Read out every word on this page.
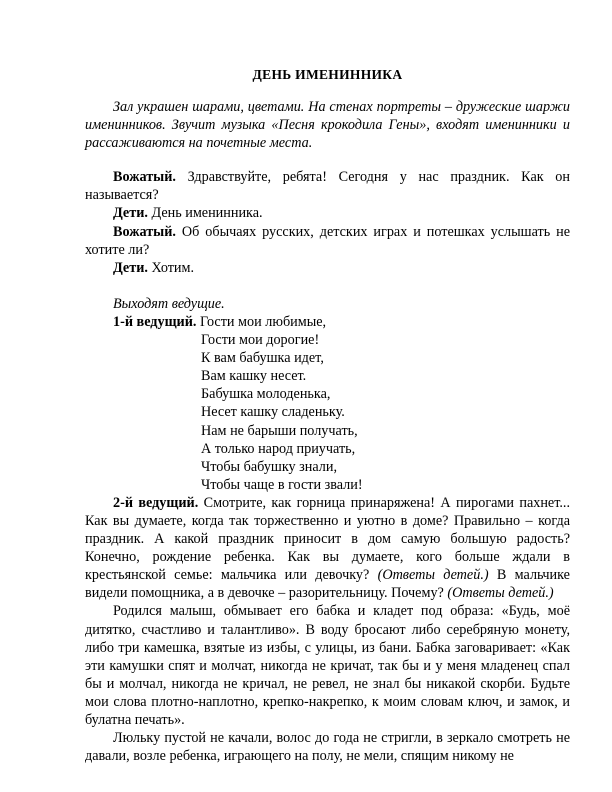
ДЕНЬ ИМЕНИННИКА

Зал украшен шарами, цветами. На стенах портреты – дружеские шаржи именинников. Звучит музыка «Песня крокодила Гены», входят именинники и рассаживаются на почетные места.

Вожатый. Здравствуйте, ребята! Сегодня у нас праздник. Как он называется?

Дети. День именинника.

Вожатый. Об обычаях русских, детских играх и потешках услышать не хотите ли?

Дети. Хотим.

Выходят ведущие.

1-й ведущий. Гости мои любимые,
Гости мои дорогие!
К вам бабушка идет,
Вам кашку несет.
Бабушка молоденька,
Несет кашку сладеньку.
Нам не барыши получать,
А только народ приучать,
Чтобы бабушку знали,
Чтобы чаще в гости звали!

2-й ведущий. Смотрите, как горница принаряжена! А пирогами пахнет... Как вы думаете, когда так торжественно и уютно в доме? Правильно – когда праздник. А какой праздник приносит в дом самую большую радость? Конечно, рождение ребенка. Как вы думаете, кого больше ждали в крестьянской семье: мальчика или девочку? (Ответы детей.) В мальчике видели помощника, а в девочке – разорительницу. Почему? (Ответы детей.)

Родился малыш, обмывает его бабка и кладет под образа: «Будь, моё дитятко, счастливо и талантливо». В воду бросают либо серебряную монету, либо три камешка, взятые из избы, с улицы, из бани. Бабка заговаривает: «Как эти камушки спят и молчат, никогда не кричат, так бы и у меня младенец спал бы и молчал, никогда не кричал, не ревел, не знал бы никакой скорби. Будьте мои слова плотно-наплотно, крепко-накрепко, к моим словам ключ, и замок, и булатна печать».

Люльку пустой не качали, волос до года не стригли, в зеркало смотреть не давали, возле ребенка, играющего на полу, не мели, спящим никому не
